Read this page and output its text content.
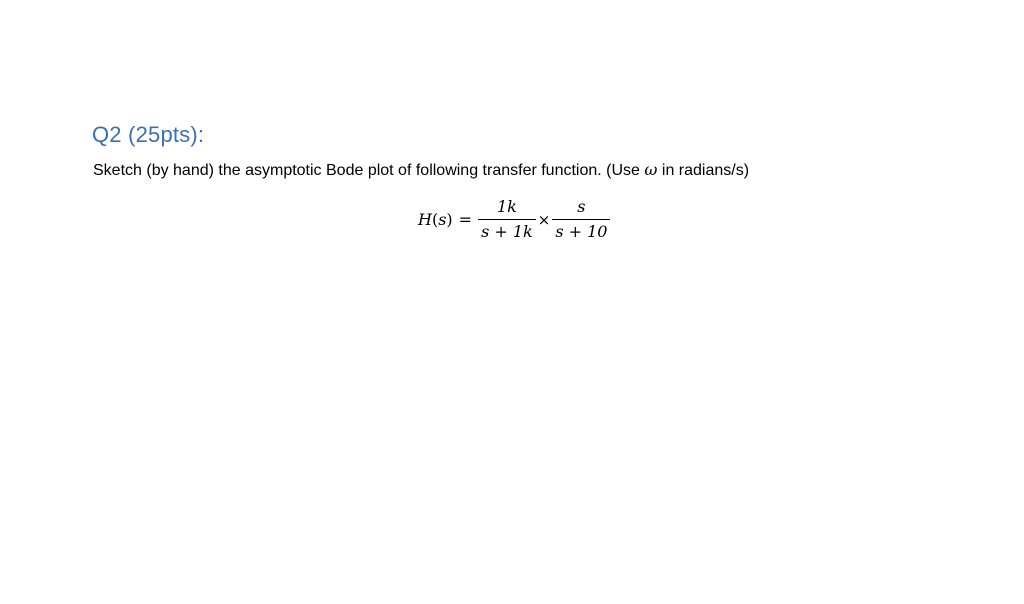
Q2 (25pts):
Sketch (by hand) the asymptotic Bode plot of following transfer function. (Use ω in radians/s)
H ( s ) = $\frac{1k}{s + 1k} \times \frac{s}{s + 10}$
